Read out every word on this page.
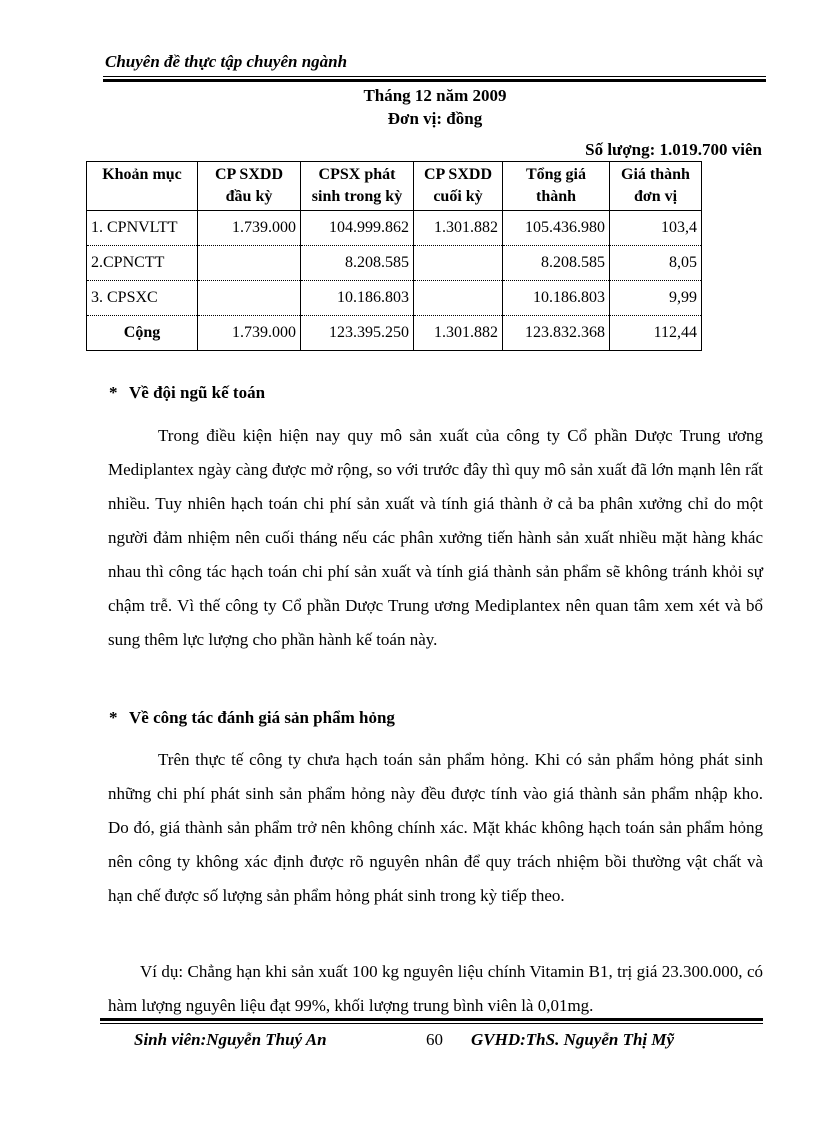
Chuyên đề thực tập chuyên ngành
Tháng 12 năm 2009
Đơn vị: đồng
Số lượng: 1.019.700 viên
Khoản mục	CP SXDD đầu kỳ	CPSX phát sinh trong kỳ	CP SXDD cuối kỳ	Tổng giá thành	Giá thành đơn vị
1. CPNVLTT	1.739.000	104.999.862	1.301.882	105.436.980	103,4
2.CPNCTT		8.208.585		8.208.585	8,05
3. CPSXC		10.186.803		10.186.803	9,99
Cộng	1.739.000	123.395.250	1.301.882	123.832.368	112,44
* Về đội ngũ kế toán

Trong điều kiện hiện nay quy mô sản xuất của công ty Cổ phần Dược Trung ương Mediplantex ngày càng được mở rộng, so với trước đây thì quy mô sản xuất đã lớn mạnh lên rất nhiều. Tuy nhiên hạch toán chi phí sản xuất và tính giá thành ở cả ba phân xưởng chỉ do một người đảm nhiệm nên cuối tháng nếu các phân xưởng tiến hành sản xuất nhiều mặt hàng khác nhau thì công tác hạch toán chi phí sản xuất và tính giá thành sản phẩm sẽ không tránh khỏi sự chậm trễ. Vì thế công ty Cổ phần Dược Trung ương Mediplantex nên quan tâm xem xét và bổ sung thêm lực lượng cho phần hành kế toán này.

* Về công tác đánh giá sản phẩm hỏng

Trên thực tế công ty chưa hạch toán sản phẩm hỏng. Khi có sản phẩm hỏng phát sinh những chi phí phát sinh sản phẩm hỏng này đều được tính vào giá thành sản phẩm nhập kho. Do đó, giá thành sản phẩm trở nên không chính xác. Mặt khác không hạch toán sản phẩm hỏng nên công ty không xác định được rõ nguyên nhân để quy trách nhiệm bồi thường vật chất và hạn chế được số lượng sản phẩm hỏng phát sinh trong kỳ tiếp theo.

Ví dụ: Chẳng hạn khi sản xuất 100 kg nguyên liệu chính Vitamin B1, trị giá 23.300.000, có hàm lượng nguyên liệu đạt 99%, khối lượng trung bình viên là 0,01mg.

Sinh viên:Nguyễn Thuý An	60 GVHD:ThS. Nguyễn Thị Mỹ
